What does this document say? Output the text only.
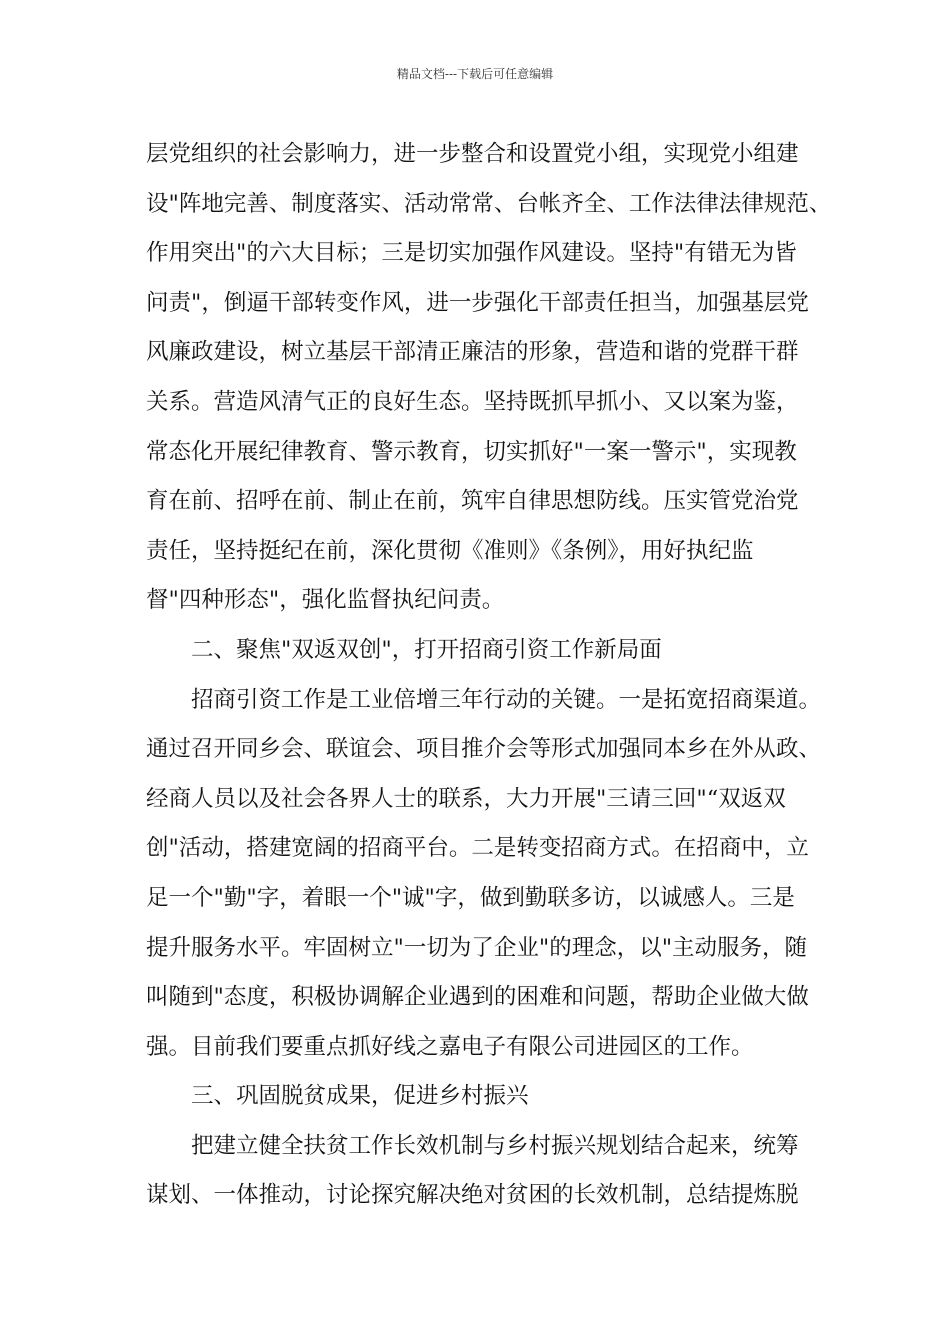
精品文档---下载后可任意编辑
层党组织的社会影响力，进一步整合和设置党小组，实现党小组建
设"阵地完善、制度落实、活动常常、台帐齐全、工作法律法律规范、
作用突出"的六大目标；三是切实加强作风建设。坚持"有错无为皆
问责"，倒逼干部转变作风，进一步强化干部责任担当，加强基层党
风廉政建设，树立基层干部清正廉洁的形象，营造和谐的党群干群
关系。营造风清气正的良好生态。坚持既抓早抓小、又以案为鉴，
常态化开展纪律教育、警示教育，切实抓好"一案一警示"，实现教
育在前、招呼在前、制止在前，筑牢自律思想防线。压实管党治党
责任，坚持挺纪在前，深化贯彻《准则》《条例》，用好执纪监
督"四种形态"，强化监督执纪问责。
二、聚焦"双返双创"，打开招商引资工作新局面
招商引资工作是工业倍增三年行动的关键。一是拓宽招商渠道。
通过召开同乡会、联谊会、项目推介会等形式加强同本乡在外从政、
经商人员以及社会各界人士的联系，大力开展"三请三回"“双返双
创"活动，搭建宽阔的招商平台。二是转变招商方式。在招商中，立
足一个"勤"字，着眼一个"诚"字，做到勤联多访，以诚感人。三是
提升服务水平。牢固树立"一切为了企业"的理念，以"主动服务，随
叫随到"态度，积极协调解企业遇到的困难和问题，帮助企业做大做
强。目前我们要重点抓好线之嘉电子有限公司进园区的工作。
三、巩固脱贫成果，促进乡村振兴
把建立健全扶贫工作长效机制与乡村振兴规划结合起来，统筹
谋划、一体推动，讨论探究解决绝对贫困的长效机制，总结提炼脱
